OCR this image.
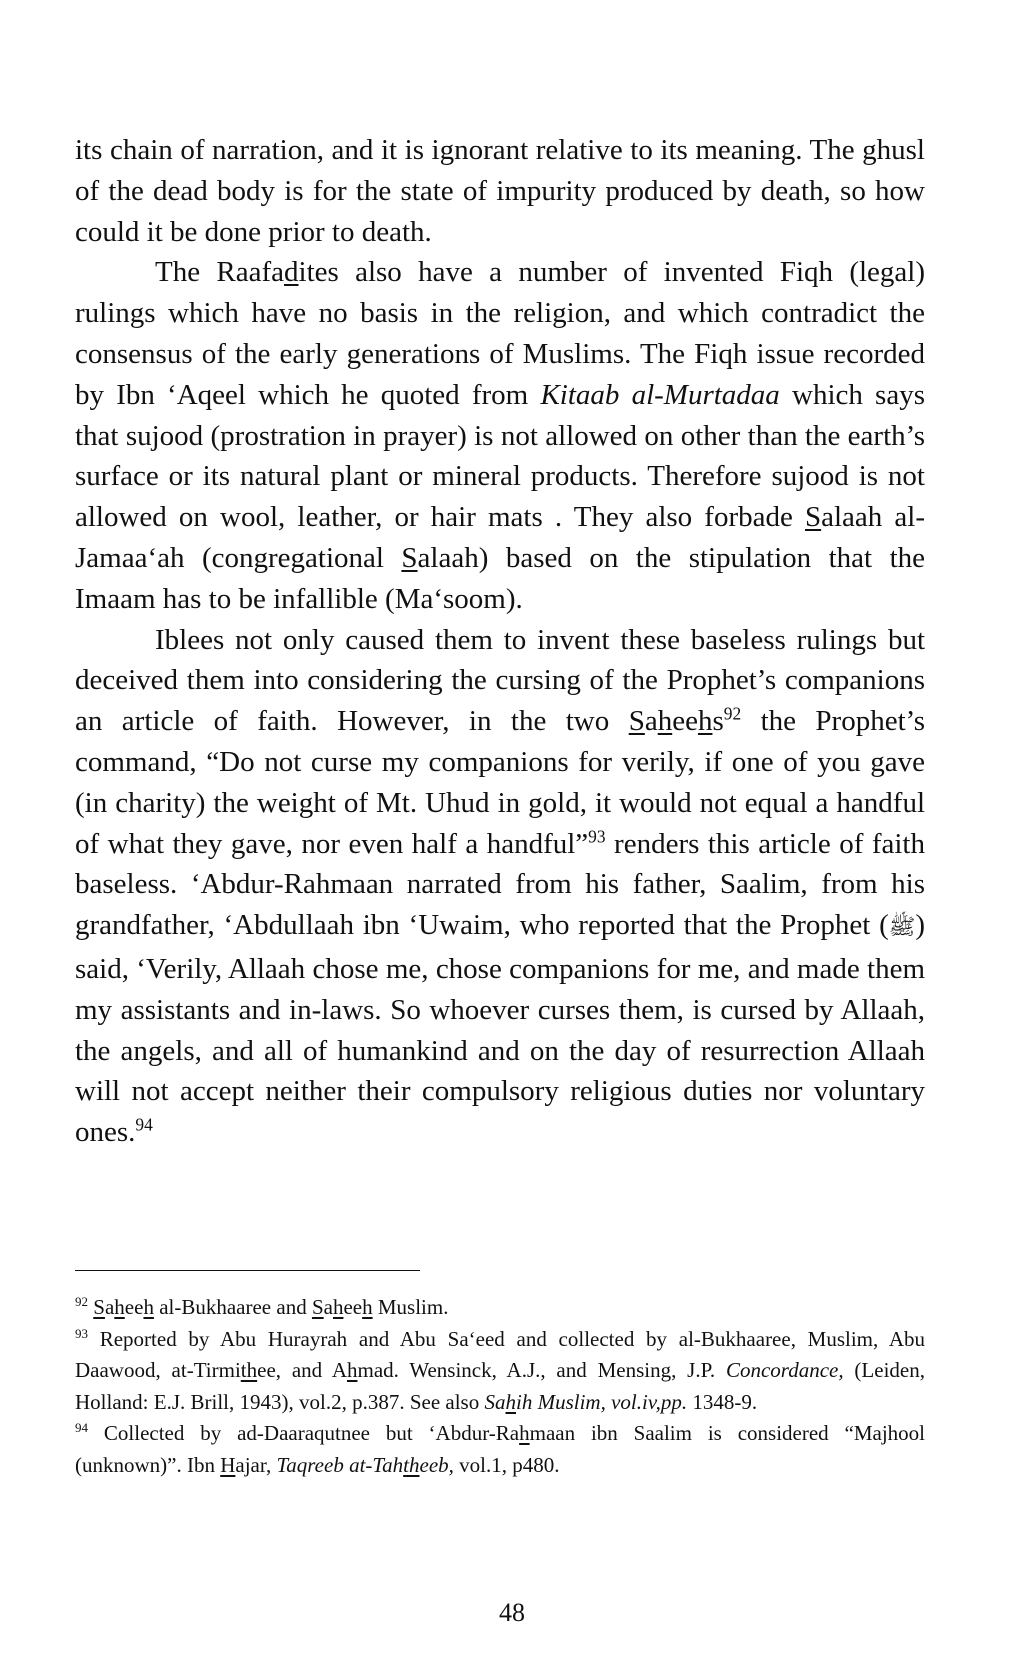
its chain of narration, and it is ignorant relative to its meaning. The ghusl of the dead body is for the state of impurity produced by death, so how could it be done prior to death.

The Raafadites also have a number of invented Fiqh (legal) rulings which have no basis in the religion, and which contradict the consensus of the early generations of Muslims. The Fiqh issue recorded by Ibn ‘Aqeel which he quoted from Kitaab al-Murtadaa which says that sujood (prostration in prayer) is not allowed on other than the earth’s surface or its natural plant or mineral products. Therefore sujood is not allowed on wool, leather, or hair mats . They also forbade Salaah al-Jamaa‘ah (congregational Salaah) based on the stipulation that the Imaam has to be infallible (Ma‘soom).

Iblees not only caused them to invent these baseless rulings but deceived them into considering the cursing of the Prophet’s companions an article of faith. However, in the two Saheehs$^{92}$ the Prophet’s command, “Do not curse my companions for verily, if one of you gave (in charity) the weight of Mt. Uhud in gold, it would not equal a handful of what they gave, nor even half a handful”$^{93}$ renders this article of faith baseless. ‘Abdur-Rahmaan narrated from his father, Saalim, from his grandfather, ‘Abdullaah ibn ‘Uwaim, who reported that the Prophet (ﷺ) said, ‘Verily, Allaah chose me, chose companions for me, and made them my assistants and in-laws. So whoever curses them, is cursed by Allaah, the angels, and all of humankind and on the day of resurrection Allaah will not accept neither their compulsory religious duties nor voluntary ones.$^{94}$

$^{92}$ Saheeh al-Bukhaaree and Saheeh Muslim.

$^{93}$ Reported by Abu Hurayrah and Abu Sa‘eed and collected by al-Bukhaaree, Muslim, Abu Daawood, at-Tirmithee, and Ahmad. Wensinck, A.J., and Mensing, J.P. Concordance, (Leiden, Holland: E.J. Brill, 1943), vol.2, p.387. See also Sahih Muslim, vol.iv,pp. 1348-9.

$^{94}$ Collected by ad-Daaraqutnee but ‘Abdur-Rahmaan ibn Saalim is considered “Majhool (unknown)”. Ibn Hajar, Taqreeb at-Tahtheeb, vol.1, p480.

48
